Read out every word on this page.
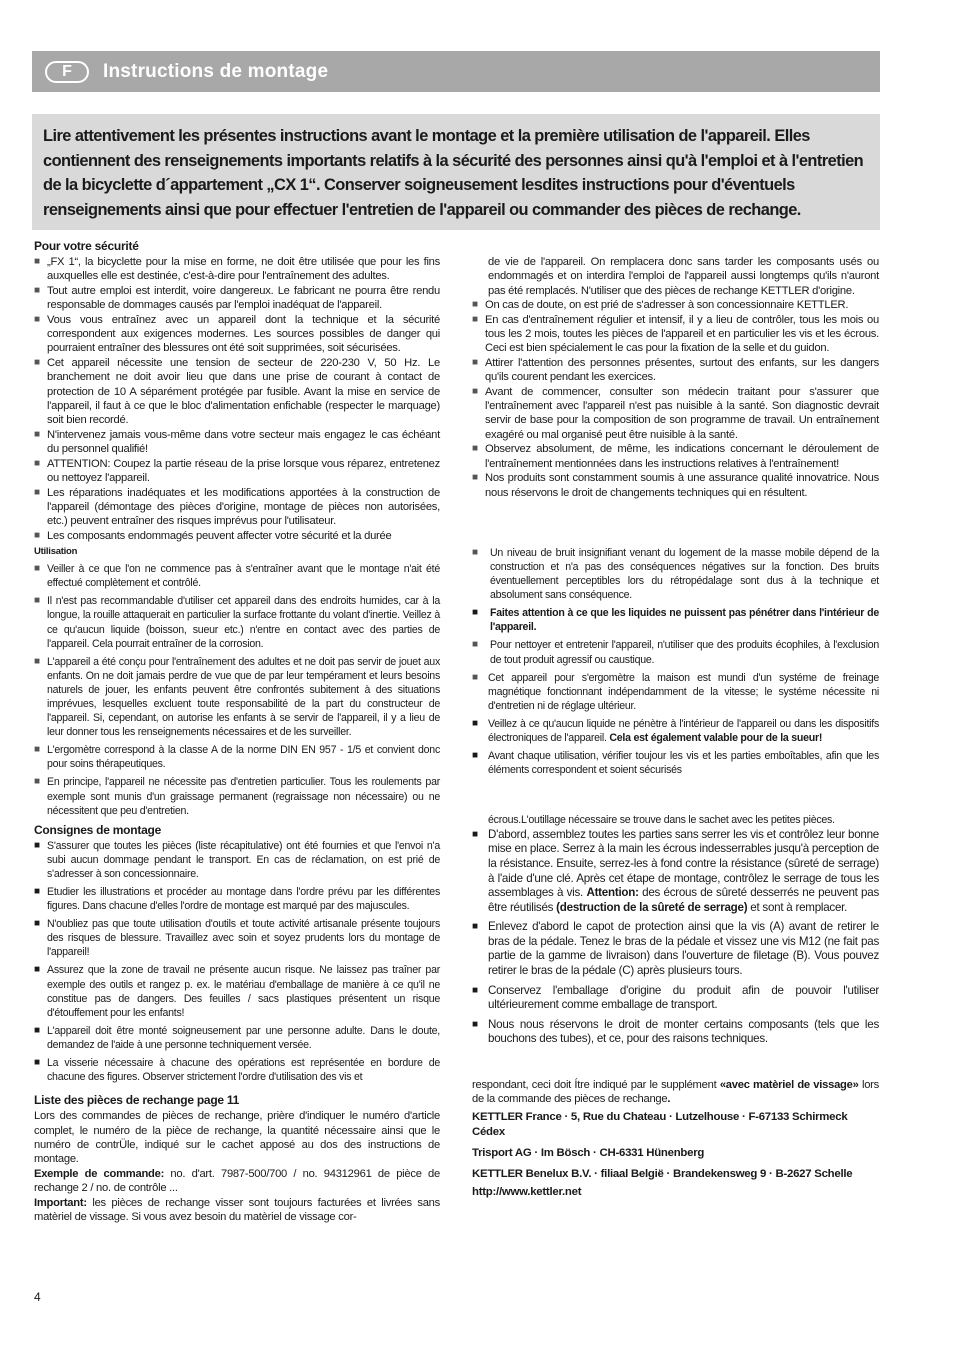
F	Instructions de montage
Lire attentivement les présentes instructions avant le montage et la première utilisation de l'appareil. Elles contiennent des renseignements importants relatifs à la sécurité des personnes ainsi qu'à l'emploi et à l'entretien de la bicyclette d´appartement „CX 1“. Conserver soigneusement lesdites instructions pour d'éventuels renseignements ainsi que pour effectuer l'entretien de l'appareil ou commander des pièces de rechange.
Pour votre sécurité
■ „FX 1“, la bicyclette pour la mise en forme, ne doit être utilisée que pour les fins auxquelles elle est destinée, c'est-à-dire pour l'entraînement des adultes.
■ Tout autre emploi est interdit, voire dangereux. Le fabricant ne pourra être rendu responsable de dommages causés par l'emploi inadéquat de l'appareil.
■ Vous vous entraînez avec un appareil dont la technique et la sécurité correspondent aux exigences modernes. Les sources possibles de danger qui pourraient entraîner des blessures ont été soit supprimées, soit sécurisées.
■ Cet appareil nécessite une tension de secteur de 220-230 V, 50 Hz. Le branchement ne doit avoir lieu que dans une prise de courant à contact de protection de 10 A séparément protégée par fusible. Avant la mise en service de l'appareil, il faut à ce que le bloc d'alimentation enfichable (respecter le marquage) soit bien recordé.
■ N'intervenez jamais vous-même dans votre secteur mais engagez le cas échéant du personnel qualifié!
■ ATTENTION: Coupez la partie réseau de la prise lorsque vous réparez, entretenez ou nettoyez l'appareil.
■ Les réparations inadéquates et les modifications apportées à la construction de l'appareil (démontage des pièces d'origine, montage de pièces non autorisées, etc.) peuvent entraîner des risques imprévus pour l'utilisateur.
■ Les composants endommagés peuvent affecter votre sécurité et la durée
Utilisation
■ Veiller à ce que l'on ne commence pas à s'entraîner avant que le montage n'ait été effectué complètement et contrôlé.
■ Il n'est pas recommandable d'utiliser cet appareil dans des endroits humides, car à la longue, la rouille attaquerait en particulier la surface frottante du volant d'inertie. Veillez à ce qu'aucun liquide (boisson, sueur etc.) n'entre en contact avec des parties de l'appareil. Cela pourrait entraîner de la corrosion.
■ L'appareil a été conçu pour l'entraînement des adultes et ne doit pas servir de jouet aux enfants. On ne doit jamais perdre de vue que de par leur tempérament et leurs besoins naturels de jouer, les enfants peuvent être confrontés subitement à des situations imprévues, lesquelles excluent toute responsabilité de la part du constructeur de l'appareil. Si, cependant, on autorise les enfants à se servir de l'appareil, il y a lieu de leur donner tous les renseignements nécessaires et de les surveiller.
■ L'ergomètre correspond à la classe A de la norme DIN EN 957 - 1/5 et convient donc pour soins thérapeutiques.
■ En principe, l'appareil ne nécessite pas d'entretien particulier. Tous les roulements par exemple sont munis d'un graissage permanent (regraissage non nécessaire) ou ne nécessitent que peu d'entretien.
Consignes de montage
■ S'assurer que toutes les pièces (liste récapitulative) ont été fournies et que l'envoi n'a subi aucun dommage pendant le transport. En cas de réclamation, on est prié de s'adresser à son concessionnaire.
■ Etudier les illustrations et procéder au montage dans l'ordre prévu par les différentes figures. Dans chacune d'elles l'ordre de montage est marqué par des majuscules.
■ N'oubliez pas que toute utilisation d'outils et toute activité artisanale présente toujours des risques de blessure. Travaillez avec soin et soyez prudents lors du montage de l'appareil!
■ Assurez que la zone de travail ne présente aucun risque. Ne laissez pas traîner par exemple des outils et rangez p. ex. le matériau d'emballage de manière à ce qu'il ne constitue pas de dangers. Des feuilles / sacs plastiques présentent un risque d'étouffement pour les enfants!
■ L'appareil doit être monté soigneusement par une personne adulte. Dans le doute, demandez de l'aide à une personne techniquement versée.
■ La visserie nécessaire à chacune des opérations est représentée en bordure de chacune des figures. Observer strictement l'ordre d'utilisation des vis et
Liste des pièces de rechange page 11
Lors des commandes de pièces de rechange, prière d'indiquer le numéro d'article complet, le numéro de la pièce de rechange, la quantité nécessaire ainsi que le numéro de contrÜle, indiqué sur le cachet apposé au dos des instructions de montage.
Exemple de commande: no. d'art. 7987-500/700 / no. 94312961 de pièce de rechange 2 / no. de contrôle ...
Important: les pièces de rechange visser sont toujours facturées et livrées sans matèriel de vissage. Si vous avez besoin du matèriel de vissage cor-
de vie de l'appareil. On remplacera donc sans tarder les composants usés ou endommagés et on interdira l'emploi de l'appareil aussi longtemps qu'ils n'auront pas été remplacés. N'utiliser que des pièces de rechange KETTLER d'origine.
■ On cas de doute, on est prié de s'adresser à son concessionnaire KETTLER.
■ En cas d'entraînement régulier et intensif, il y a lieu de contrôler, tous les mois ou tous les 2 mois, toutes les pièces de l'appareil et en particulier les vis et les écrous. Ceci est bien spécialement le cas pour la fixation de la selle et du guidon.
■ Attirer l'attention des personnes présentes, surtout des enfants, sur les dangers qu'ils courent pendant les exercices.
■ Avant de commencer, consulter son médecin traitant pour s'assurer que l'entraînement avec l'appareil n'est pas nuisible à la santé. Son diagnostic devrait servir de base pour la composition de son programme de travail. Un entraînement exagéré ou mal organisé peut être nuisible à la santé.
■ Observez absolument, de même, les indications concernant le déroulement de l'entraînement mentionnées dans les instructions relatives à l'entraînement!
■ Nos produits sont constamment soumis à une assurance qualité innovatrice. Nous nous réservons le droit de changements techniques qui en résultent.
■ Un niveau de bruit insignifiant venant du logement de la masse mobile dépend de la construction et n'a pas des conséquences négatives sur la fonction. Des bruits éventuellement perceptibles lors du rétropédalage sont dus à la technique et absolument sans conséquence.
■ Faites attention à ce que les liquides ne puissent pas pénétrer dans l'intérieur de l'appareil.
■ Pour nettoyer et entretenir l'appareil, n'utiliser que des produits écophiles, à l'exclusion de tout produit agressif ou caustique.
■ Cet appareil pour s'ergomètre la maison est mundi d'un systéme de freinage magnétique fonctionnant indépendamment de la vitesse; le systéme nécessite ni d'entretien ni de réglage ultérieur.
■ Veillez à ce qu'aucun liquide ne pénètre à l'intérieur de l'appareil ou dans les dispositifs électroniques de l'appareil. Cela est également valable pour de la sueur!
■ Avant chaque utilisation, vérifier toujour les vis et les parties emboîtables, afin que les éléments correspondent et soient sécurisés
écrous.L'outillage nécessaire se trouve dans le sachet avec les petites pièces.
■ D'abord, assemblez toutes les parties sans serrer les vis et contrôlez leur bonne mise en place. Serrez à la main les écrous indesserrables jusqu'à perception de la résistance. Ensuite, serrez-les à fond contre la résistance (sûreté de serrage) à l'aide d'une clé. Après cet étape de montage, contrôlez le serrage de tous les assemblages à vis. Attention: des écrous de sûreté desserrés ne peuvent pas être réutilisés (destruction de la sûreté de serrage) et sont à remplacer.
■ Enlevez d'abord le capot de protection ainsi que la vis (A) avant de retirer le bras de la pédale. Tenez le bras de la pédale et vissez une vis M12 (ne fait pas partie de la gamme de livraison) dans l'ouverture de filetage (B). Vous pouvez retirer le bras de la pédale (C) après plusieurs tours.
■ Conservez l'emballage d'origine du produit afin de pouvoir l'utiliser ultérieurement comme emballage de transport.
■ Nous nous réservons le droit de monter certains composants (tels que les bouchons des tubes), et ce, pour des raisons techniques.
respondant, ceci doit Ítre indiqué par le supplément «avec matèriel de vissage» lors de la commande des pièces de rechange.
KETTLER France · 5, Rue du Chateau · Lutzelhouse · F-67133 Schirmeck Cédex
Trisport AG · Im Bösch · CH-6331 Hünenberg
KETTLER Benelux B.V. · filiaal België · Brandekensweg 9 · B-2627 Schelle
http://www.kettler.net
4
